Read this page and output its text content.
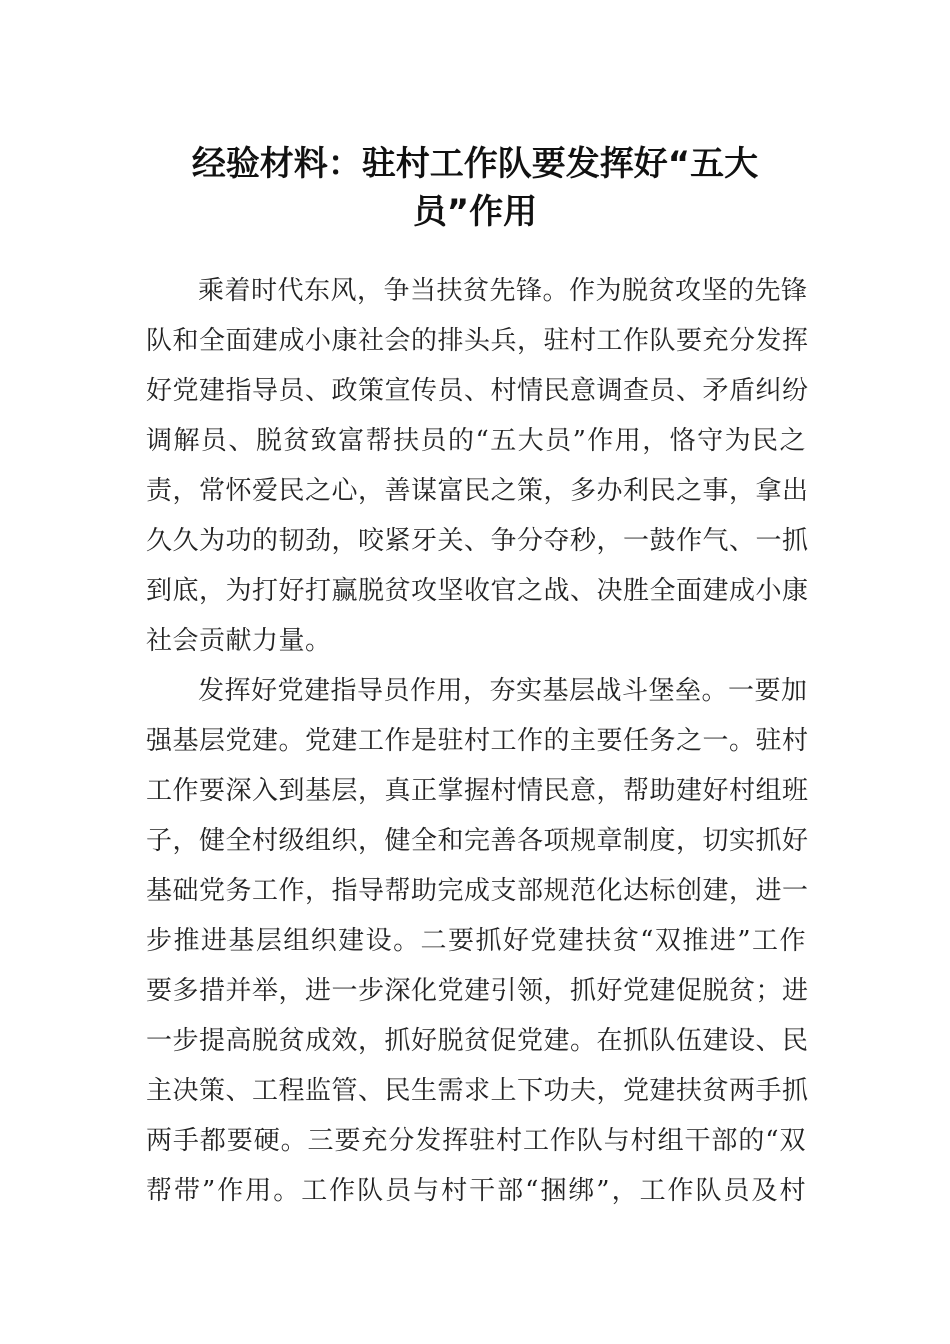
经验材料：驻村工作队要发挥好“五大
员”作用
乘着时代东风，争当扶贫先锋。作为脱贫攻坚的先锋
队和全面建成小康社会的排头兵，驻村工作队要充分发挥
好党建指导员、政策宣传员、村情民意调查员、矛盾纠纷
调解员、脱贫致富帮扶员的“五大员”作用，恪守为民之
责，常怀爱民之心，善谋富民之策，多办利民之事，拿出
久久为功的韧劲，咬紧牙关、争分夺秒，一鼓作气、一抓
到底，为打好打赢脱贫攻坚收官之战、决胜全面建成小康
社会贡献力量。
发挥好党建指导员作用，夯实基层战斗堡垒。一要加
强基层党建。党建工作是驻村工作的主要任务之一。驻村
工作要深入到基层，真正掌握村情民意，帮助建好村组班
子，健全村级组织，健全和完善各项规章制度，切实抓好
基础党务工作，指导帮助完成支部规范化达标创建，进一
步推进基层组织建设。二要抓好党建扶贫“双推进”工作
要多措并举，进一步深化党建引领，抓好党建促脱贫；进
一步提高脱贫成效，抓好脱贫促党建。在抓队伍建设、民
主决策、工程监管、民生需求上下功夫，党建扶贫两手抓
两手都要硬。三要充分发挥驻村工作队与村组干部的“双
帮带”作用。工作队员与村干部“捆绑”，工作队员及村
